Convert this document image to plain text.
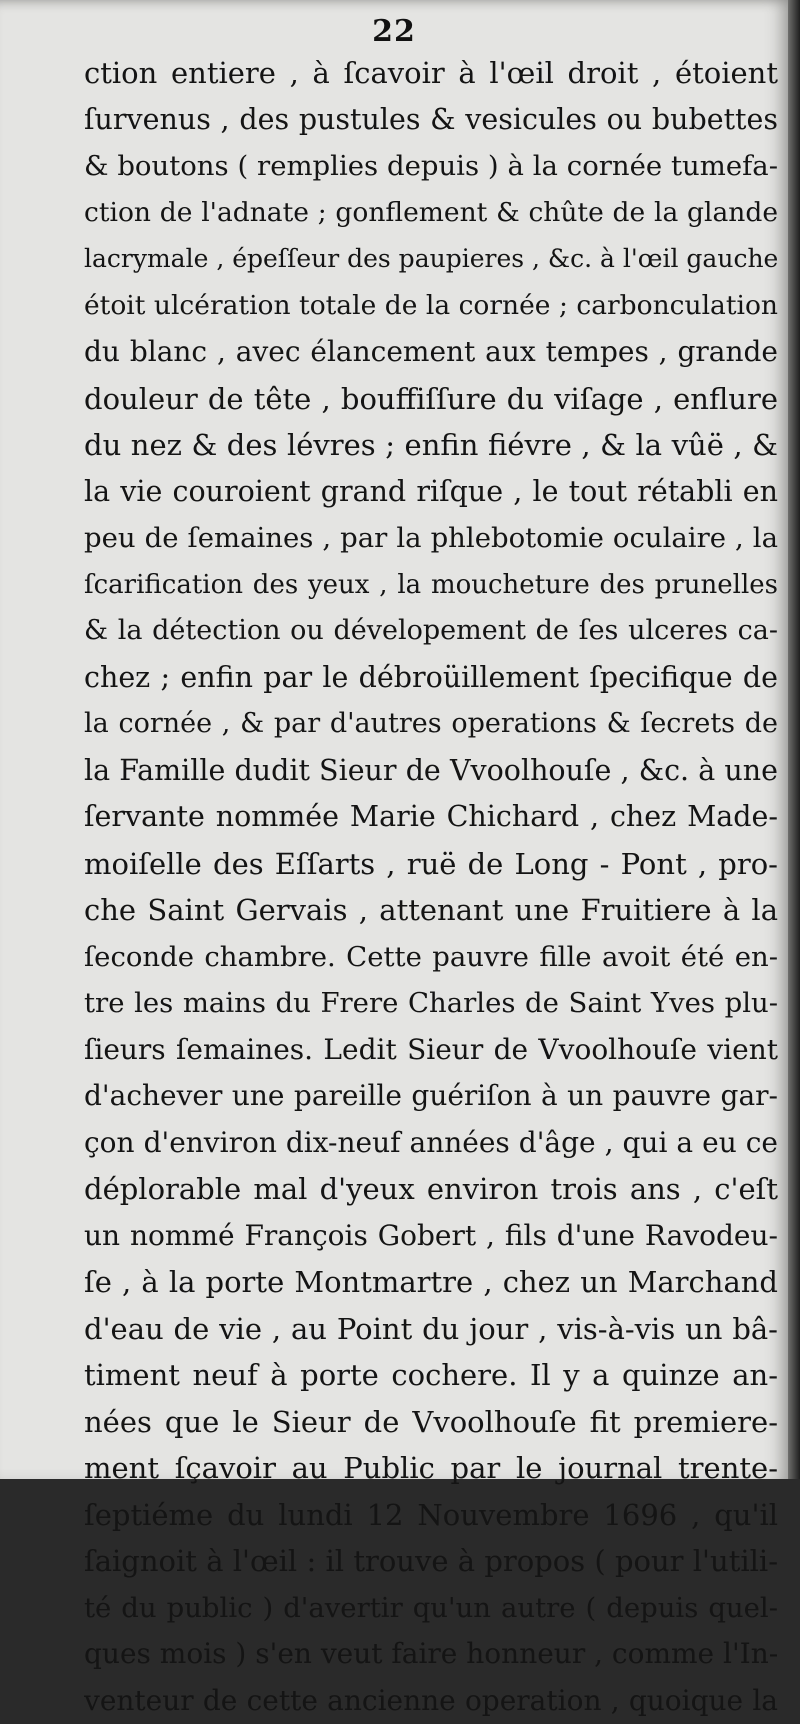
22
ction entiere , à ſcavoir à l'œil droit , étoient
ſurvenus , des pustules & vesicules ou bubettes
& boutons ( remplies depuis ) à la cornée tumefa-
ction de l'adnate ; gonflement & chûte de la glande
lacrymale , épeſſeur des paupieres , &c. à l'œil gauche
étoit ulcération totale de la cornée ; carbonculation
du blanc , avec élancement aux tempes , grande
douleur de tête , bouffiſſure du viſage , enflure
du nez & des lévres ; enfin fiévre , & la vûë , &
la vie couroient grand riſque , le tout rétabli en
peu de ſemaines , par la phlebotomie oculaire , la
ſcarification des yeux , la moucheture des prunelles
& la détection ou dévelopement de ſes ulceres ca-
chez ; enfin par le débroüillement ſpecifique de
la cornée , & par d'autres operations & ſecrets de
la Famille dudit Sieur de Vvoolhouſe , &c. à une
ſervante nommée Marie Chichard , chez Made-
moiſelle des Eſſarts , ruë de Long - Pont , pro-
che Saint Gervais , attenant une Fruitiere à la
ſeconde chambre. Cette pauvre fille avoit été en-
tre les mains du Frere Charles de Saint Yves plu-
ſieurs ſemaines. Ledit Sieur de Vvoolhouſe vient
d'achever une pareille guériſon à un pauvre gar-
çon d'environ dix-neuf années d'âge , qui a eu ce
déplorable mal d'yeux environ trois ans , c'eſt
un nommé François Gobert , fils d'une Ravodeu-
ſe , à la porte Montmartre , chez un Marchand
d'eau de vie , au Point du jour , vis-à-vis un bâ-
timent neuf à porte cochere. Il y a quinze an-
nées que le Sieur de Vvoolhouſe fit premiere-
ment ſçavoir au Public par le journal trente-
ſeptiéme du lundi 12 Nouvembre 1696 , qu'il
ſaignoit à l'œil : il trouve à propos ( pour l'utili-
té du public ) d'avertir qu'un autre ( depuis quel-
ques mois ) s'en veut faire honneur , comme l'In-
venteur de cette ancienne operation , quoique la
